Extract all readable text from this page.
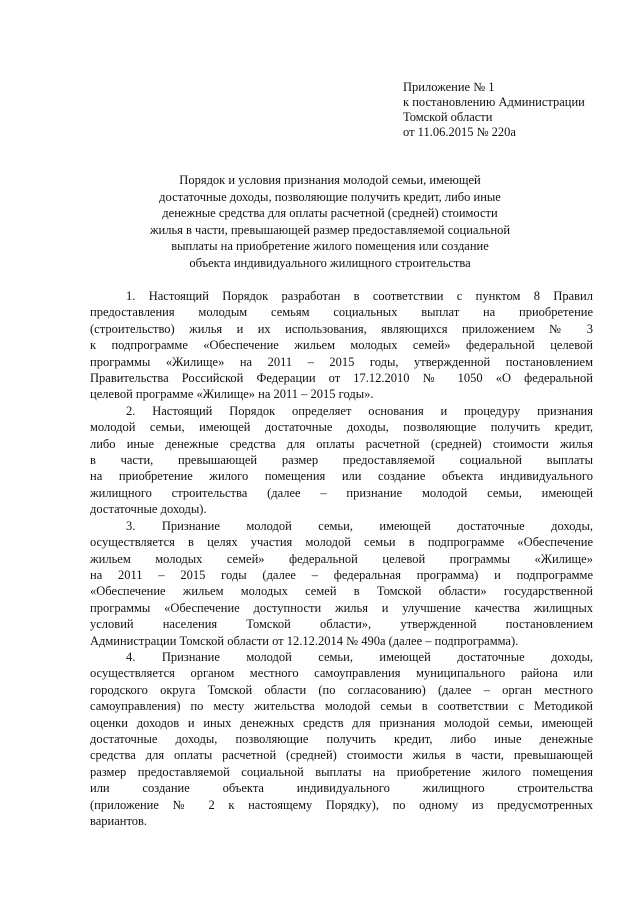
Приложение № 1
к постановлению Администрации
Томской области
от 11.06.2015 № 220а
Порядок и условия признания молодой семьи, имеющей
достаточные доходы, позволяющие получить кредит, либо иные
денежные средства для оплаты расчетной (средней) стоимости
жилья в части, превышающей размер предоставляемой социальной
выплаты на приобретение жилого помещения или создание
объекта индивидуального жилищного строительства
1. Настоящий Порядок разработан в соответствии с пунктом 8 Правил
предоставления молодым семьям социальных выплат на приобретение
(строительство) жилья и их использования, являющихся приложением № 3
к подпрограмме «Обеспечение жильем молодых семей» федеральной целевой
программы «Жилище» на 2011 – 2015 годы, утвержденной постановлением
Правительства Российской Федерации от 17.12.2010 № 1050 «О федеральной
целевой программе «Жилище» на 2011 – 2015 годы».
2. Настоящий Порядок определяет основания и процедуру признания
молодой семьи, имеющей достаточные доходы, позволяющие получить кредит,
либо иные денежные средства для оплаты расчетной (средней) стоимости жилья
в части, превышающей размер предоставляемой социальной выплаты
на приобретение жилого помещения или создание объекта индивидуального
жилищного строительства (далее – признание молодой семьи, имеющей
достаточные доходы).
3. Признание молодой семьи, имеющей достаточные доходы,
осуществляется в целях участия молодой семьи в подпрограмме «Обеспечение
жильем молодых семей» федеральной целевой программы «Жилище»
на 2011 – 2015 годы (далее – федеральная программа) и подпрограмме
«Обеспечение жильем молодых семей в Томской области» государственной
программы «Обеспечение доступности жилья и улучшение качества жилищных
условий населения Томской области», утвержденной постановлением
Администрации Томской области от 12.12.2014 № 490а (далее – подпрограмма).
4. Признание молодой семьи, имеющей достаточные доходы,
осуществляется органом местного самоуправления муниципального района или
городского округа Томской области (по согласованию) (далее – орган местного
самоуправления) по месту жительства молодой семьи в соответствии с Методикой
оценки доходов и иных денежных средств для признания молодой семьи, имеющей
достаточные доходы, позволяющие получить кредит, либо иные денежные
средства для оплаты расчетной (средней) стоимости жилья в части, превышающей
размер предоставляемой социальной выплаты на приобретение жилого помещения
или создание объекта индивидуального жилищного строительства
(приложение № 2 к настоящему Порядку), по одному из предусмотренных
вариантов.
